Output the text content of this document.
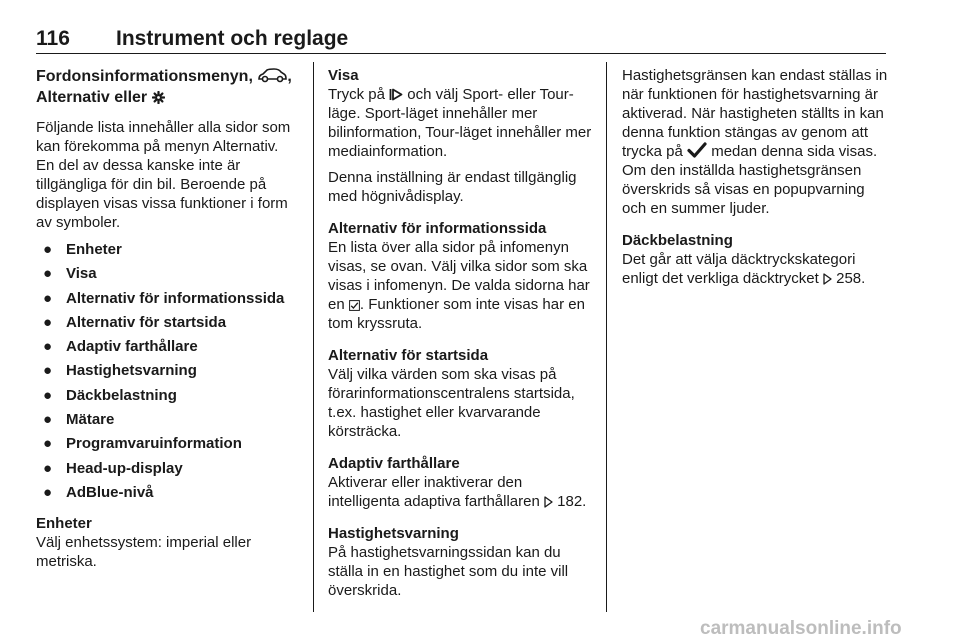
116 Instrument och reglage
Fordonsinformationsmenyn, ,
Alternativ eller

Följande lista innehåller alla sidor som kan förekomma på menyn Alternativ. En del av dessa kanske inte är tillgängliga för din bil. Beroende på displayen visas vissa funktioner i form av symboler.

● Enheter
● Visa
● Alternativ för informationssida
● Alternativ för startsida
● Adaptiv farthållare
● Hastighetsvarning
● Däckbelastning
● Mätare
● Programvaruinformation
● Head-up-display
● AdBlue-nivå
Enheter

Välj enhetssystem: imperial eller metriska.

Visa

Tryck på och välj Sport- eller Tour-läge. Sport-läget innehåller mer bilinformation, Tour-läget innehåller mer mediainformation.

Denna inställning är endast tillgänglig med högnivådisplay.

Alternativ för informationssida

En lista över alla sidor på infomenyn visas, se ovan. Välj vilka sidor som ska visas i infomenyn. De valda sidorna har en . Funktioner som inte visas har en tom kryssruta.

Alternativ för startsida

Välj vilka värden som ska visas på förarinformationscentralens startsida, t.ex. hastighet eller kvarvarande körsträcka.

Adaptiv farthållare

Aktiverar eller inaktiverar den intelligenta adaptiva farthållaren 182.

Hastighetsvarning

På hastighetsvarningssidan kan du ställa in en hastighet som du inte vill överskrida.

Hastighetsgränsen kan endast ställas in när funktionen för hastighetsvarning är aktiverad. När hastigheten ställts in kan denna funktion stängas av genom att trycka på medan denna sida visas. Om den inställda hastighetsgränsen överskrids så visas en popupvarning och en summer ljuder.

Däckbelastning

Det går att välja däcktryckskategori enligt det verkliga däcktrycket 258.

carmanualsonline.info
